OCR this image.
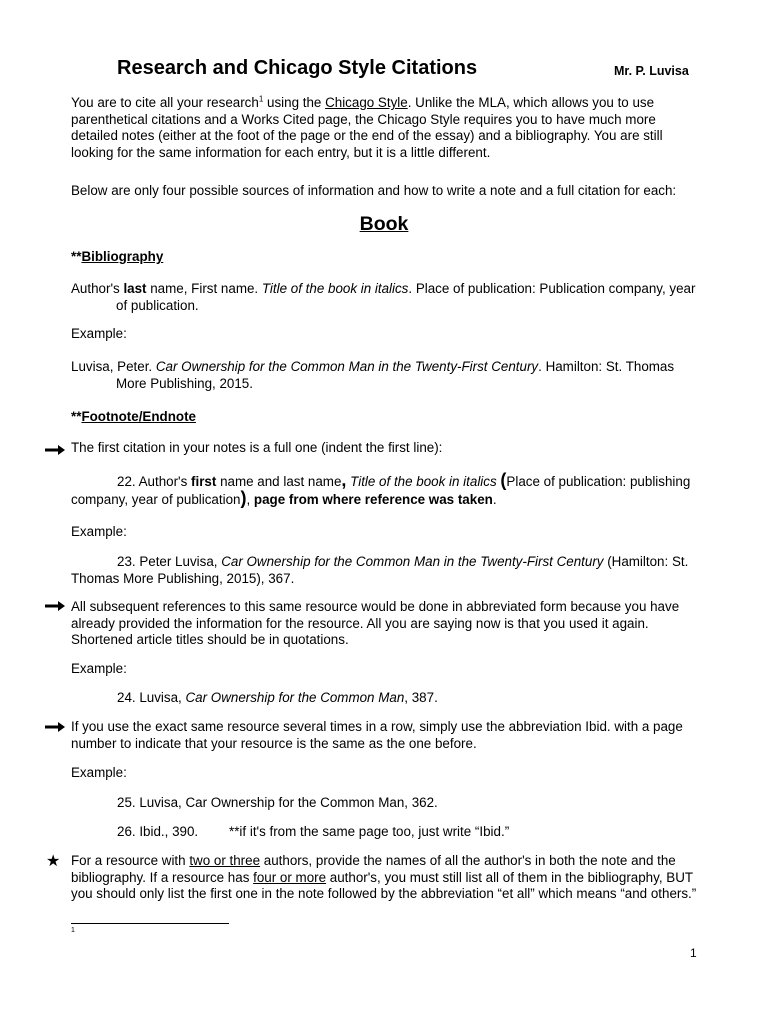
Research and Chicago Style Citations	Mr. P. Luvisa

You are to cite all your research$^1$ using the Chicago Style. Unlike the MLA, which allows you to use parenthetical citations and a Works Cited page, the Chicago Style requires you to have much more detailed notes (either at the foot of the page or the end of the essay) and a bibliography. You are still looking for the same information for each entry, but it is a little different.

Below are only four possible sources of information and how to write a note and a full citation for each:

Book

**Bibliography

Author's last name, First name. Title of the book in italics. Place of publication: Publication company, year of publication.

Example:

Luvisa, Peter. Car Ownership for the Common Man in the Twenty-First Century. Hamilton: St. Thomas More Publishing, 2015.

**Footnote/Endnote

The first citation in your notes is a full one (indent the first line):

22. Author's first name and last name, Title of the book in italics (Place of publication: publishing company, year of publication), page from where reference was taken.

Example:

23. Peter Luvisa, Car Ownership for the Common Man in the Twenty-First Century (Hamilton: St. Thomas More Publishing, 2015), 367.

All subsequent references to this same resource would be done in abbreviated form because you have already provided the information for the resource. All you are saying now is that you used it again. Shortened article titles should be in quotations.

Example:

24. Luvisa, Car Ownership for the Common Man, 387.

If you use the exact same resource several times in a row, simply use the abbreviation Ibid. with a page number to indicate that your resource is the same as the one before.

Example:

25. Luvisa, Car Ownership for the Common Man, 362.

26. Ibid., 390. **if it's from the same page too, just write “Ibid.”

★ For a resource with two or three authors, provide the names of all the author's in both the note and the bibliography. If a resource has four or more author's, you must still list all of them in the bibliography, BUT you should only list the first one in the note followed by the abbreviation “et all” which means “and others.”

1
1
